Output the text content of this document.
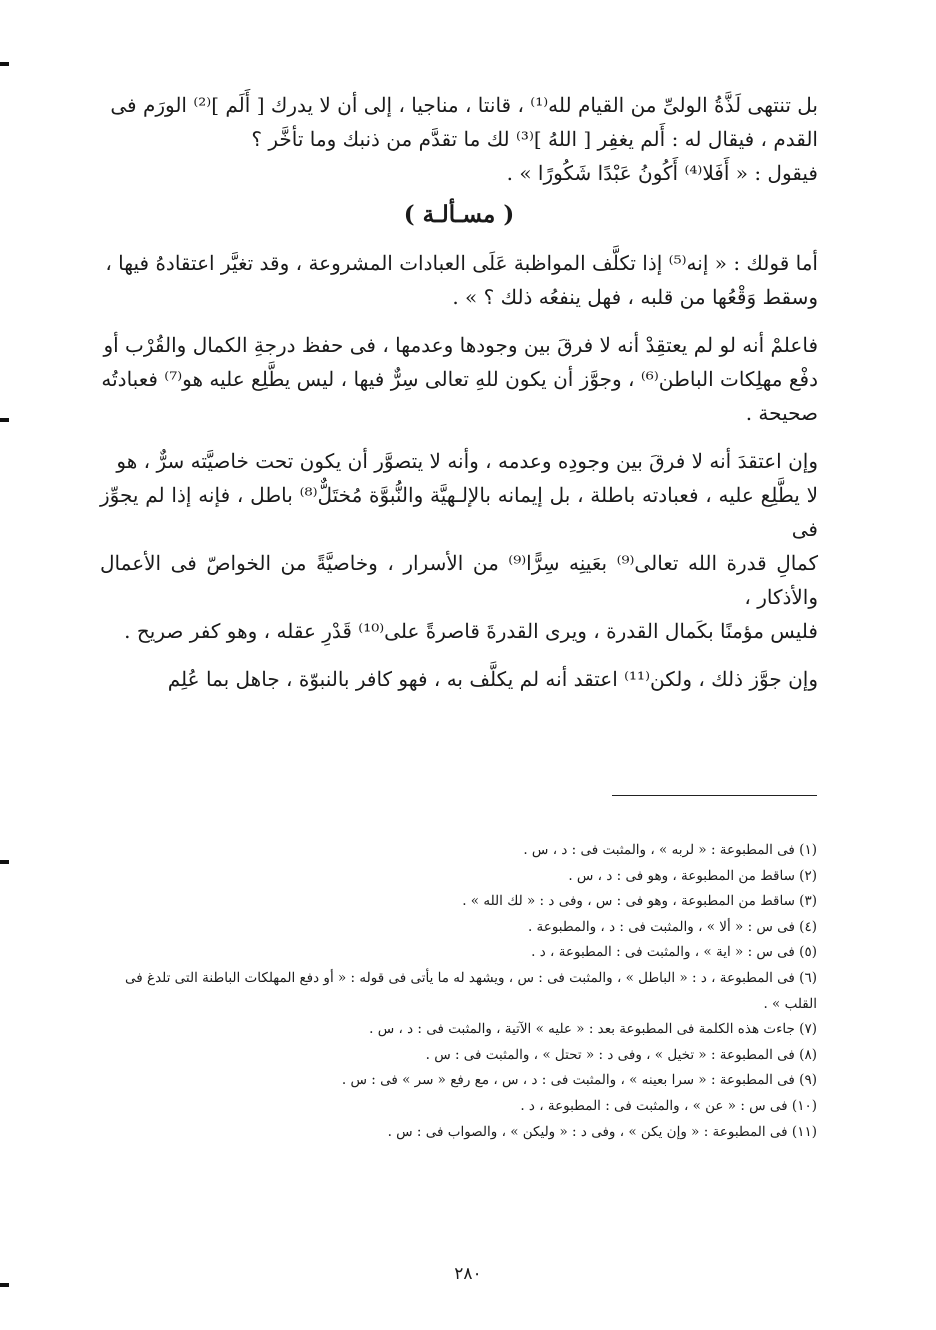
بل تنتهى لَذَّةُ الولىِّ من القيام لله⁽¹⁾ ، قانتا ، مناجيا ، إلى أن لا يدرك [ أَلَم ]⁽²⁾ الورَم فى

القدم ، فيقال له : أَلم يغفِر [ اللهُ ]⁽³⁾ لك ما تقدَّم من ذنبك وما تأخَّر ؟

فيقول : « أَفَلا⁽⁴⁾ أَكُونُ عَبْدًا شَكُورًا » .

( مسـألـة )

أما قولك : « إنه⁽⁵⁾ إذا تكلَّف المواظبة عَلَى العبادات المشروعة ، وقد تغيَّر اعتقادهُ فيها ،

وسقط وَقْعُها من قلبه ، فهل ينفعُه ذلك ؟ » .

فاعلمْ أنه لو لم يعتقِدْ أنه لا فرقَ بين وجودها وعدمها ، فى حفظ درجةِ الكمال والقُرْب أو

دفْع مهلِكات الباطن⁽⁶⁾ ، وجوَّز أن يكون للهِ تعالى سِرٌّ فيها ، ليس يطَّلِع عليه هو⁽⁷⁾ فعبادتُه

صحيحة .

وإن اعتقدَ أنه لا فرقَ بين وجودِه وعدمه ، وأنه لا يتصوَّر أن يكون تحت خاصيَّته سرٌّ ، هو

لا يطَّلِع عليه ، فعبادته باطلة ، بل إيمانه بالإلـهيَّة والنُّبوَّة مُختَلٌّ⁽⁸⁾ باطل ، فإنه إذا لم يجوِّز فى

كمالِ قدرة الله تعالى⁽⁹⁾ بعَينِه سِرًّا⁽⁹⁾ من الأسرار ، وخاصيَّةً من الخواصّ فى الأعمال والأذكار ،

فليس مؤمنًا بكَمال القدرة ، ويرى القدرةَ قاصرةً على⁽¹⁰⁾ قَدْرِ عقله ، وهو كفر صريح .

وإن جوَّز ذلك ، ولكن⁽¹¹⁾ اعتقد أنه لم يكلَّف به ، فهو كافر بالنبوّة ، جاهل بما عُلِم

(١) فى المطبوعة : « لربه » ، والمثبت فى : د ، س .

(٢) ساقط من المطبوعة ، وهو فى : د ، س .

(٣) ساقط من المطبوعة ، وهو فى : س ، وفى د : « لك الله » .

(٤) فى س : « ألا » ، والمثبت فى : د ، والمطبوعة .

(٥) فى س : « اية » ، والمثبت فى : المطبوعة ، د .

(٦) فى المطبوعة ، د : « الباطل » ، والمثبت فى : س ، ويشهد له ما يأتى فى قوله : « أو دفع المهلكات الباطنة التى تلدغ فى القلب » .

(٧) جاءت هذه الكلمة فى المطبوعة بعد : « عليه » الآتية ، والمثبت فى : د ، س .

(٨) فى المطبوعة : « تخيل » ، وفى د : « تحتل » ، والمثبت فى : س .

(٩) فى المطبوعة : « سرا بعينه » ، والمثبت فى : د ، س ، مع رفع « سر » فى : س .

(١٠) فى س : « عن » ، والمثبت فى : المطبوعة ، د .

(١١) فى المطبوعة : « وإن يكن » ، وفى د : « وليكن » ، والصواب فى : س .

٢٨٠
